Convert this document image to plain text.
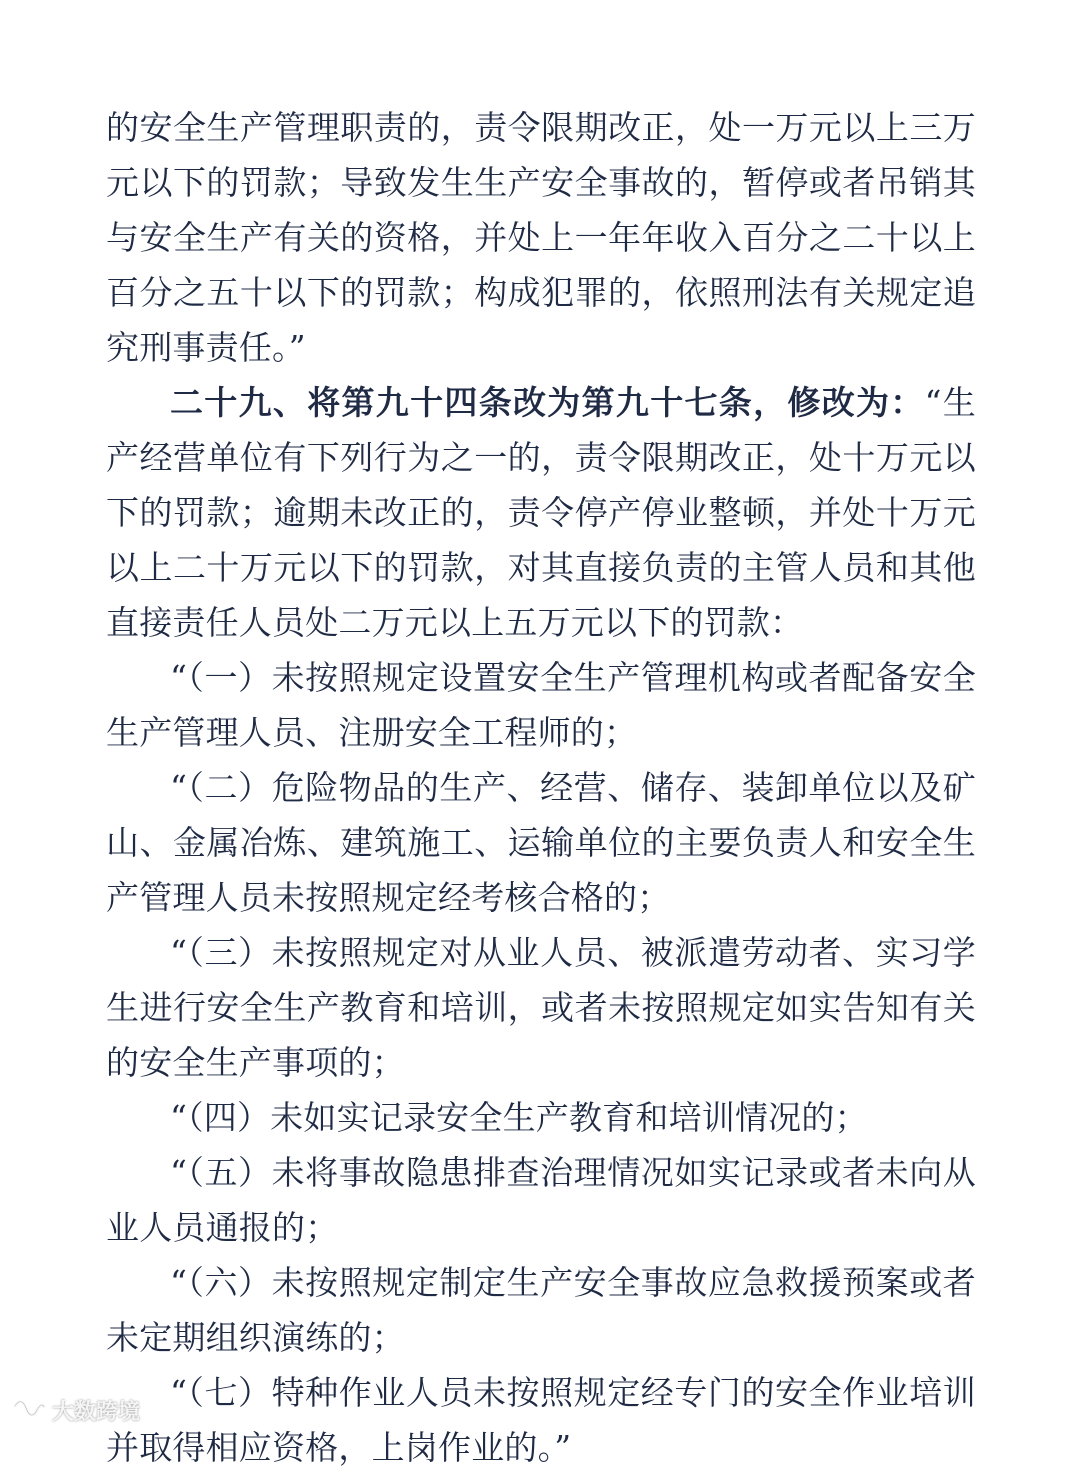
的安全生产管理职责的，责令限期改正，处一万元以上三万元以下的罚款；导致发生生产安全事故的，暂停或者吊销其与安全生产有关的资格，并处上一年年收入百分之二十以上百分之五十以下的罚款；构成犯罪的，依照刑法有关规定追究刑事责任。”

二十九、将第九十四条改为第九十七条，修改为：“生产经营单位有下列行为之一的，责令限期改正，处十万元以下的罚款；逾期未改正的，责令停产停业整顿，并处十万元以上二十万元以下的罚款，对其直接负责的主管人员和其他直接责任人员处二万元以上五万元以下的罚款：

“（一）未按照规定设置安全生产管理机构或者配备安全生产管理人员、注册安全工程师的；

“（二）危险物品的生产、经营、储存、装卸单位以及矿山、金属冶炼、建筑施工、运输单位的主要负责人和安全生产管理人员未按照规定经考核合格的；

“（三）未按照规定对从业人员、被派遣劳动者、实习学生进行安全生产教育和培训，或者未按照规定如实告知有关的安全生产事项的；

“（四）未如实记录安全生产教育和培训情况的；

“（五）未将事故隐患排查治理情况如实记录或者未向从业人员通报的；

“（六）未按照规定制定生产安全事故应急救援预案或者未定期组织演练的；

“（七）特种作业人员未按照规定经专门的安全作业培训并取得相应资格，上岗作业的。”

大数跨境
